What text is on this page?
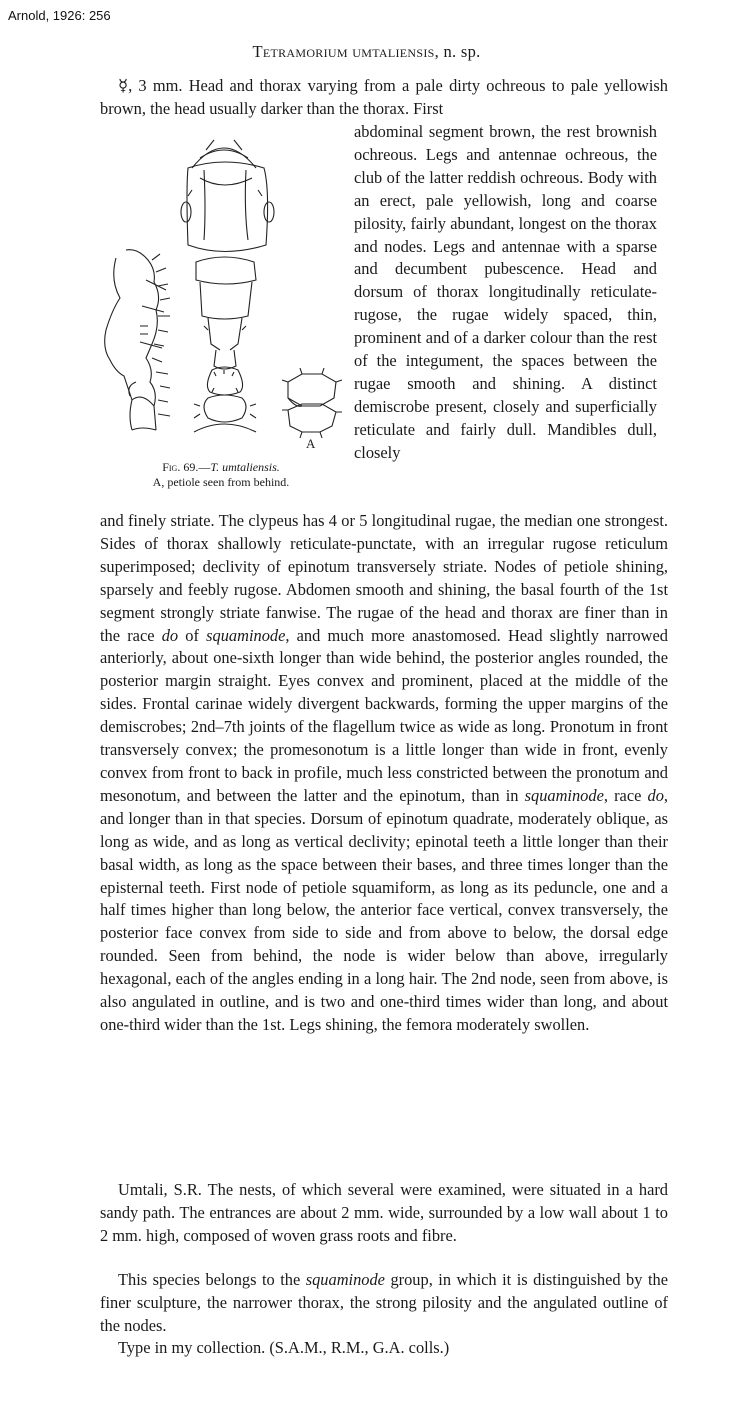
Arnold, 1926: 256
Tetramorium umtaliensis, n. sp.

☿, 3 mm. Head and thorax varying from a pale dirty ochreous to pale yellowish brown, the head usually darker than the thorax. First

abdominal segment brown, the rest brownish ochreous. Legs and antennae ochreous, the club of the latter reddish ochreous. Body with an erect, pale yellowish, long and coarse pilosity, fairly abundant, longest on the thorax and nodes. Legs and antennae with a sparse and decumbent pubescence. Head and dorsum of thorax longitudinally reticulate-rugose, the rugae widely spaced, thin, prominent and of a darker colour than the rest of the integument, the spaces between the rugae smooth and shining. A distinct demiscrobe present, closely and superficially reticulate and fairly dull. Mandibles dull, closely

A
Fig. 69.—T. umtaliensis.
A, petiole seen from behind.

and finely striate. The clypeus has 4 or 5 longitudinal rugae, the median one strongest. Sides of thorax shallowly reticulate-punctate, with an irregular rugose reticulum superimposed; declivity of epinotum transversely striate. Nodes of petiole shining, sparsely and feebly rugose. Abdomen smooth and shining, the basal fourth of the 1st segment strongly striate fanwise. The rugae of the head and thorax are finer than in the race do of squaminode, and much more anastomosed. Head slightly narrowed anteriorly, about one-sixth longer than wide behind, the posterior angles rounded, the posterior margin straight. Eyes convex and prominent, placed at the middle of the sides. Frontal carinae widely divergent backwards, forming the upper margins of the demiscrobes; 2nd–7th joints of the flagellum twice as wide as long. Pronotum in front transversely convex; the promesonotum is a little longer than wide in front, evenly convex from front to back in profile, much less constricted between the pronotum and mesonotum, and between the latter and the epinotum, than in squaminode, race do, and longer than in that species. Dorsum of epinotum quadrate, moderately oblique, as long as wide, and as long as vertical declivity; epinotal teeth a little longer than their basal width, as long as the space between their bases, and three times longer than the episternal teeth. First node of petiole squamiform, as long as its peduncle, one and a half times higher than long below, the anterior face vertical, convex transversely, the posterior face convex from side to side and from above to below, the dorsal edge rounded. Seen from behind, the node is wider below than above, irregularly hexagonal, each of the angles ending in a long hair. The 2nd node, seen from above, is also angulated in outline, and is two and one-third times wider than long, and about one-third wider than the 1st. Legs shining, the femora moderately swollen.

Umtali, S.R. The nests, of which several were examined, were situated in a hard sandy path. The entrances are about 2 mm. wide, surrounded by a low wall about 1 to 2 mm. high, composed of woven grass roots and fibre.

This species belongs to the squaminode group, in which it is distinguished by the finer sculpture, the narrower thorax, the strong pilosity and the angulated outline of the nodes.

Type in my collection. (S.A.M., R.M., G.A. colls.)
